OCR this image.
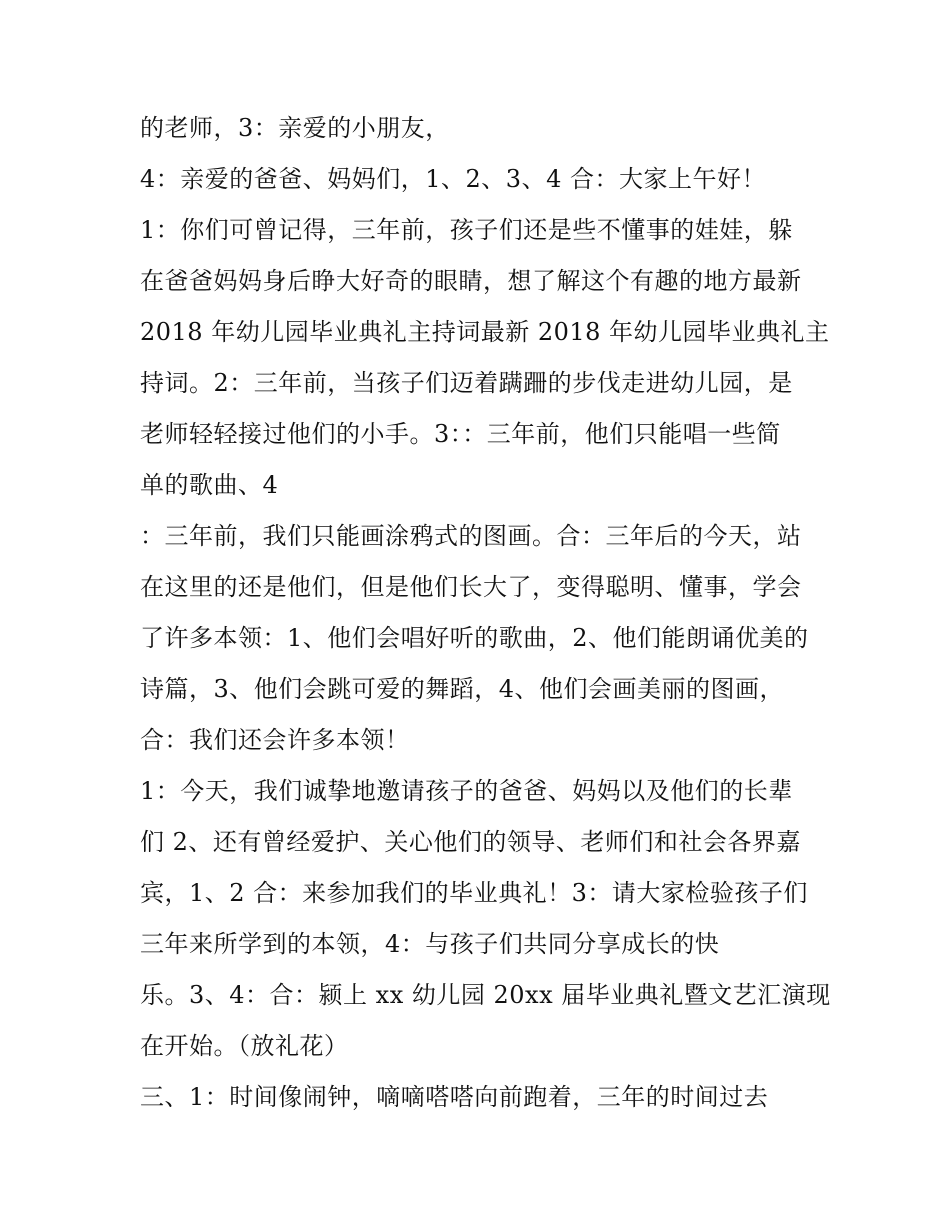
的老师，3：亲爱的小朋友，
4：亲爱的爸爸、妈妈们，1、2、3、4 合：大家上午好！
1：你们可曾记得，三年前，孩子们还是些不懂事的娃娃，躲
在爸爸妈妈身后睁大好奇的眼睛，想了解这个有趣的地方最新
2018 年幼儿园毕业典礼主持词最新 2018 年幼儿园毕业典礼主
持词。2：三年前，当孩子们迈着蹒跚的步伐走进幼儿园，是
老师轻轻接过他们的小手。3：：三年前，他们只能唱一些简
单的歌曲、4
：三年前，我们只能画涂鸦式的图画。合：三年后的今天，站
在这里的还是他们，但是他们长大了，变得聪明、懂事，学会
了许多本领：1、他们会唱好听的歌曲，2、他们能朗诵优美的
诗篇，3、他们会跳可爱的舞蹈，4、他们会画美丽的图画，
合：我们还会许多本领！
1：今天，我们诚挚地邀请孩子的爸爸、妈妈以及他们的长辈
们 2、还有曾经爱护、关心他们的领导、老师们和社会各界嘉
宾，1、2 合：来参加我们的毕业典礼！3：请大家检验孩子们
三年来所学到的本领，4：与孩子们共同分享成长的快
乐。3、4：合：颍上 xx 幼儿园 20xx 届毕业典礼暨文艺汇演现
在开始。（放礼花）
三、1：时间像闹钟，嘀嘀嗒嗒向前跑着，三年的时间过去
